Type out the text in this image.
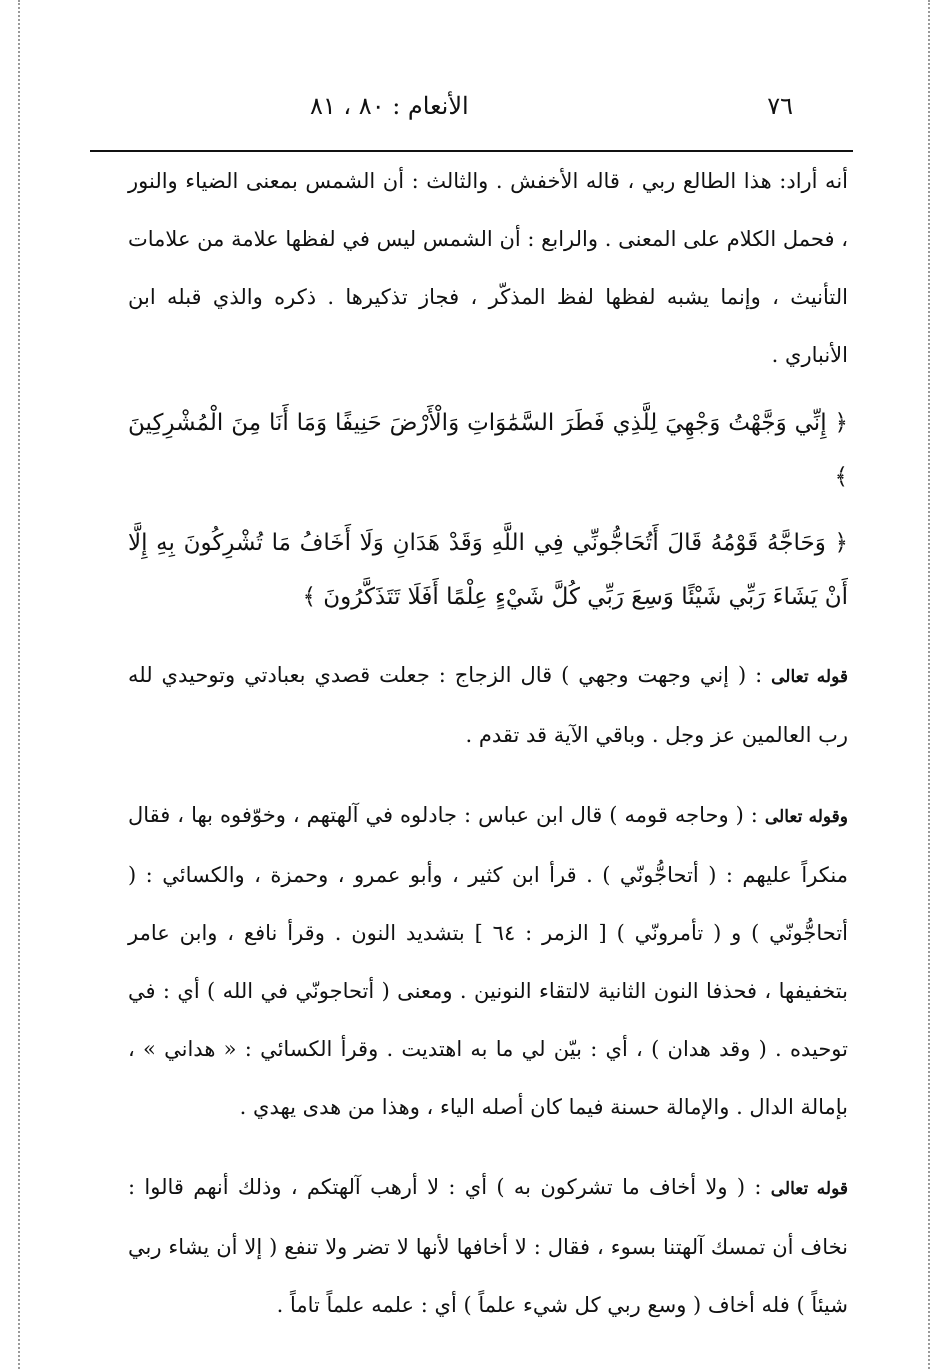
٧٦
الأنعام : ٨٠ ، ٨١

أنه أراد: هذا الطالع ربي ، قاله الأخفش . والثالث : أن الشمس بمعنى الضياء والنور ، فحمل الكلام على المعنى . والرابع : أن الشمس ليس في لفظها علامة من علامات التأنيث ، وإنما يشبه لفظها لفظ المذكّر ، فجاز تذكيرها . ذكره والذي قبله ابن الأنباري .

﴿ إِنِّي وَجَّهْتُ وَجْهِيَ لِلَّذِي فَطَرَ السَّمَٰوَاتِ وَالْأَرْضَ حَنِيفًا وَمَا أَنَا مِنَ الْمُشْرِكِينَ ﴾

﴿ وَحَاجَّهُ قَوْمُهُ قَالَ أَتُحَاجُّونِّي فِي اللَّهِ وَقَدْ هَدَانِ وَلَا أَخَافُ مَا تُشْرِكُونَ بِهِ إِلَّا أَنْ يَشَاءَ رَبِّي شَيْئًا وَسِعَ رَبِّي كُلَّ شَيْءٍ عِلْمًا أَفَلَا تَتَذَكَّرُونَ ﴾

قوله تعالى : ( إني وجهت وجهي ) قال الزجاج : جعلت قصدي بعبادتي وتوحيدي لله رب العالمين عز وجل . وباقي الآية قد تقدم .

وقوله تعالى : ( وحاجه قومه ) قال ابن عباس : جادلوه في آلهتهم ، وخوّفوه بها ، فقال منكراً عليهم : ( أتحاجُّونّي ) . قرأ ابن كثير ، وأبو عمرو ، وحمزة ، والكسائي : ( أتحاجُّونّي ) و ( تأمرونّي ) [ الزمر : ٦٤ ] بتشديد النون . وقرأ نافع ، وابن عامر بتخفيفها ، فحذفا النون الثانية لالتقاء النونين . ومعنى ( أتحاجونّي في الله ) أي : في توحيده . ( وقد هدان ) ، أي : بيّن لي ما به اهتديت . وقرأ الكسائي : « هداني » ، بإمالة الدال . والإمالة حسنة فيما كان أصله الياء ، وهذا من هدى يهدي .

قوله تعالى : ( ولا أخاف ما تشركون به ) أي : لا أرهب آلهتكم ، وذلك أنهم قالوا : نخاف أن تمسك آلهتنا بسوء ، فقال : لا أخافها لأنها لا تضر ولا تنفع ( إلا أن يشاء ربي شيئاً ) فله أخاف ( وسع ربي كل شيء علماً ) أي : علمه علماً تاماً .
